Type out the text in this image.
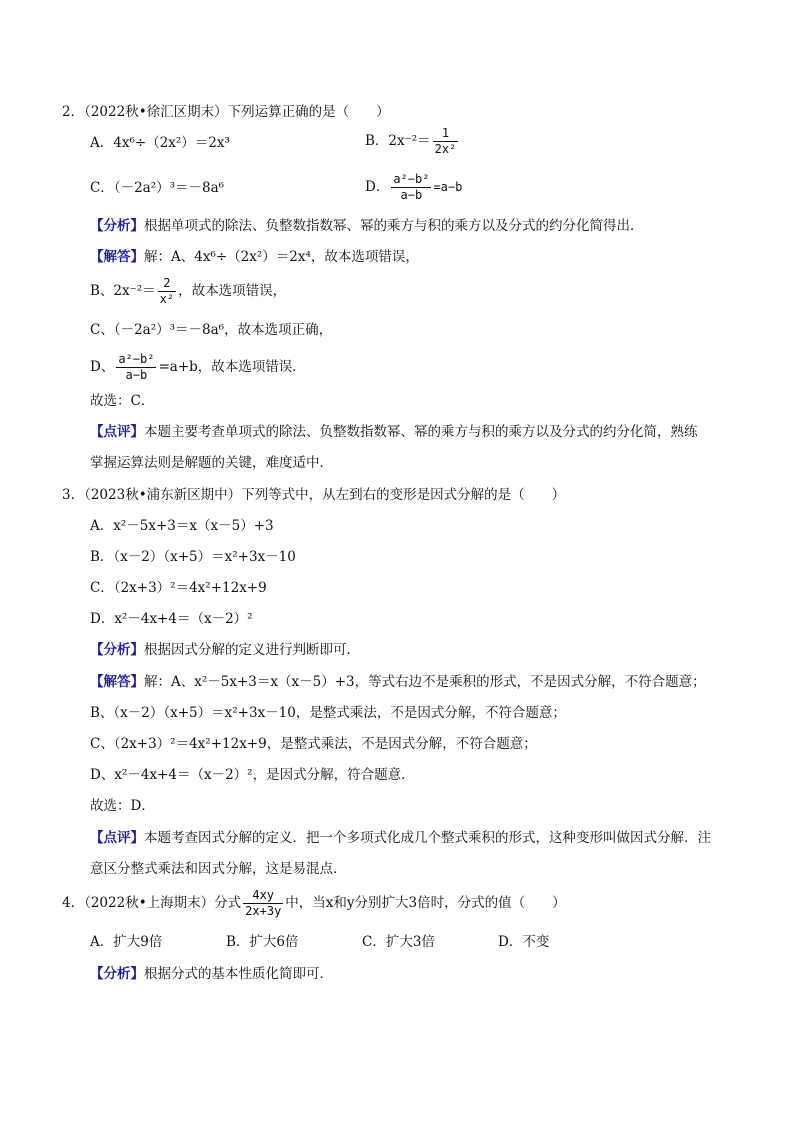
2．（2022秋•徐汇区期末）下列运算正确的是（　　）
A．4x⁶÷（2x²）＝2x³	B．$2x^{-2}= \frac{1}{\text{2x²}}$
C．（－2a²）³＝－8a⁶	D． $\frac{\text{a²−b²}}{a-b} =a-b$
【分析】根据单项式的除法、负整数指数幂、幂的乘方与积的乘方以及分式的约分化简得出．
【解答】解：A、4x⁶÷（2x²）＝2x⁴，故本选项错误，
B、$2x^{-2}= \frac{2}{\text{x²}}$ ，故本选项错误，
C、（－2a²）³＝－8a⁶，故本选项正确，
D、 $\frac{\text{a²−b²}}{a-b} =a+b$，故本选项错误．
故选：C．
【点评】本题主要考查单项式的除法、负整数指数幂、幂的乘方与积的乘方以及分式的约分化简，熟练
掌握运算法则是解题的关键，难度适中．
3．（2023秋•浦东新区期中）下列等式中，从左到右的变形是因式分解的是（　　）
A．x²－5x+3＝x（x－5）+3
B．（x－2）（x+5）＝x²+3x－10
C．（2x+3）²＝4x²+12x+9
D．x²－4x+4＝（x－2）²
【分析】根据因式分解的定义进行判断即可．
【解答】解：A、x²－5x+3＝x（x－5）+3，等式右边不是乘积的形式，不是因式分解，不符合题意；
B、（x－2）（x+5）＝x²+3x－10，是整式乘法，不是因式分解，不符合题意；
C、（2x+3）²＝4x²+12x+9，是整式乘法，不是因式分解，不符合题意；
D、x²－4x+4＝（x－2）²，是因式分解，符合题意．
故选：D．
【点评】本题考查因式分解的定义．把一个多项式化成几个整式乘积的形式，这种变形叫做因式分解．注
意区分整式乘法和因式分解，这是易混点．
4．（2022秋•上海期末）分式 $\frac{4xy}{2x+3y}$ 中，当x和y分别扩大3倍时，分式的值（　　）
A．扩大9倍	B．扩大6倍	C．扩大3倍	D．不变
【分析】根据分式的基本性质化简即可．
